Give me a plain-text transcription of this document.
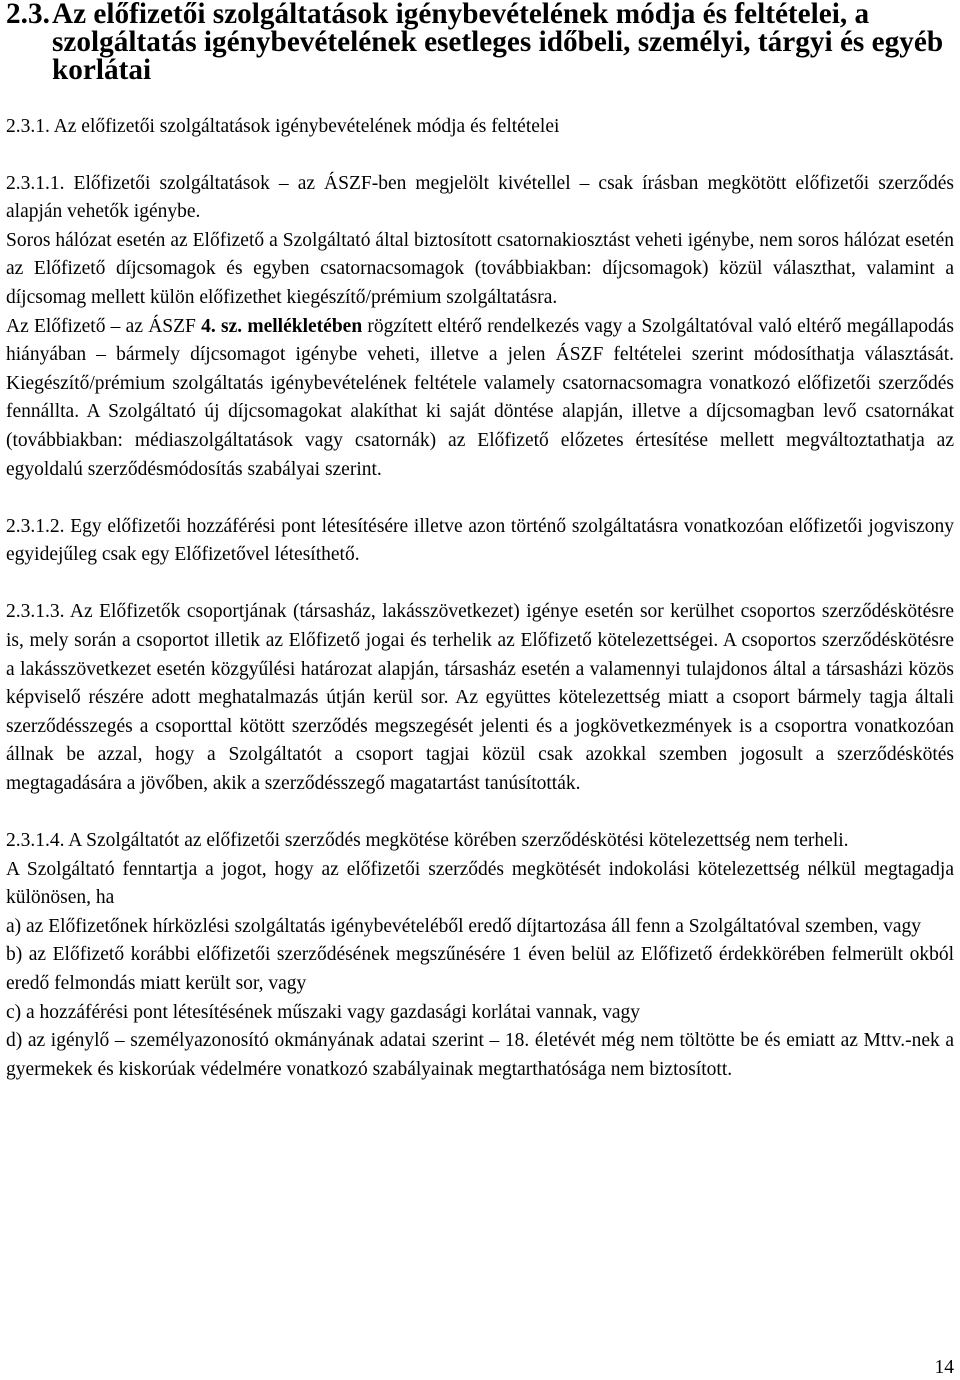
2.3.Az előfizetői szolgáltatások igénybevételének módja és feltételei, a szolgáltatás igénybevételének esetleges időbeli, személyi, tárgyi és egyéb korlátai

2.3.1. Az előfizetői szolgáltatások igénybevételének módja és feltételei

2.3.1.1. Előfizetői szolgáltatások – az ÁSZF-ben megjelölt kivétellel – csak írásban megkötött előfizetői szerződés alapján vehetők igénybe.

Soros hálózat esetén az Előfizető a Szolgáltató által biztosított csatornakiosztást veheti igénybe, nem soros hálózat esetén az Előfizető díjcsomagok és egyben csatornacsomagok (továbbiakban: díjcsomagok) közül választhat, valamint a díjcsomag mellett külön előfizethet kiegészítő/prémium szolgáltatásra.

Az Előfizető – az ÁSZF 4. sz. mellékletében rögzített eltérő rendelkezés vagy a Szolgáltatóval való eltérő megállapodás hiányában – bármely díjcsomagot igénybe veheti, illetve a jelen ÁSZF feltételei szerint módosíthatja választását. Kiegészítő/prémium szolgáltatás igénybevételének feltétele valamely csatornacsomagra vonatkozó előfizetői szerződés fennállta. A Szolgáltató új díjcsomagokat alakíthat ki saját döntése alapján, illetve a díjcsomagban levő csatornákat (továbbiakban: médiaszolgáltatások vagy csatornák) az Előfizető előzetes értesítése mellett megváltoztathatja az egyoldalú szerződésmódosítás szabályai szerint.

2.3.1.2. Egy előfizetői hozzáférési pont létesítésére illetve azon történő szolgáltatásra vonatkozóan előfizetői jogviszony egyidejűleg csak egy Előfizetővel létesíthető.

2.3.1.3. Az Előfizetők csoportjának (társasház, lakásszövetkezet) igénye esetén sor kerülhet csoportos szerződéskötésre is, mely során a csoportot illetik az Előfizető jogai és terhelik az Előfizető kötelezettségei. A csoportos szerződéskötésre a lakásszövetkezet esetén közgyűlési határozat alapján, társasház esetén a valamennyi tulajdonos által a társasházi közös képviselő részére adott meghatalmazás útján kerül sor. Az együttes kötelezettség miatt a csoport bármely tagja általi szerződésszegés a csoporttal kötött szerződés megszegését jelenti és a jogkövetkezmények is a csoportra vonatkozóan állnak be azzal, hogy a Szolgáltatót a csoport tagjai közül csak azokkal szemben jogosult a szerződéskötés megtagadására a jövőben, akik a szerződésszegő magatartást tanúsították.

2.3.1.4. A Szolgáltatót az előfizetői szerződés megkötése körében szerződéskötési kötelezettség nem terheli.

A Szolgáltató fenntartja a jogot, hogy az előfizetői szerződés megkötését indokolási kötelezettség nélkül megtagadja különösen, ha

a) az Előfizetőnek hírközlési szolgáltatás igénybevételéből eredő díjtartozása áll fenn a Szolgáltatóval szemben, vagy

b) az Előfizető korábbi előfizetői szerződésének megszűnésére 1 éven belül az Előfizető érdekkörében felmerült okból eredő felmondás miatt került sor, vagy

c) a hozzáférési pont létesítésének műszaki vagy gazdasági korlátai vannak, vagy

d) az igénylő – személyazonosító okmányának adatai szerint – 18. életévét még nem töltötte be és emiatt az Mttv.-nek a gyermekek és kiskorúak védelmére vonatkozó szabályainak megtarthatósága nem biztosított.

14
